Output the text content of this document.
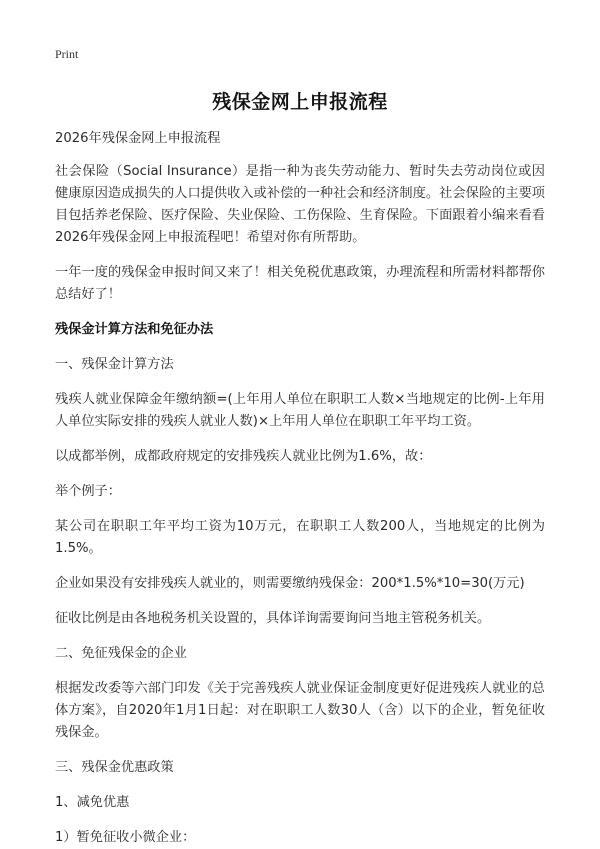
Print
残保金网上申报流程

2026年残保金网上申报流程

社会保险（Social Insurance）是指一种为丧失劳动能力、暂时失去劳动岗位或因健康原因造成损失的人口提供收入或补偿的一种社会和经济制度。社会保险的主要项目包括养老保险、医疗保险、失业保险、工伤保险、生育保险。下面跟着小编来看看2026年残保金网上申报流程吧！希望对你有所帮助。

一年一度的残保金申报时间又来了！相关免税优惠政策，办理流程和所需材料都帮你总结好了！

残保金计算方法和免征办法

一、残保金计算方法

残疾人就业保障金年缴纳额=(上年用人单位在职职工人数×当地规定的比例-上年用人单位实际安排的残疾人就业人数)×上年用人单位在职职工年平均工资。

以成都举例，成都政府规定的安排残疾人就业比例为1.6%，故：

举个例子：

某公司在职职工年平均工资为10万元，在职职工人数200人，当地规定的比例为1.5%。

企业如果没有安排残疾人就业的，则需要缴纳残保金：200*1.5%*10=30(万元)

征收比例是由各地税务机关设置的，具体详询需要询问当地主管税务机关。

二、免征残保金的企业

根据发改委等六部门印发《关于完善残疾人就业保证金制度更好促进残疾人就业的总体方案》，自2020年1月1日起：对在职职工人数30人（含）以下的企业，暂免征收残保金。

三、残保金优惠政策

1、减免优惠

1）暂免征收小微企业：
